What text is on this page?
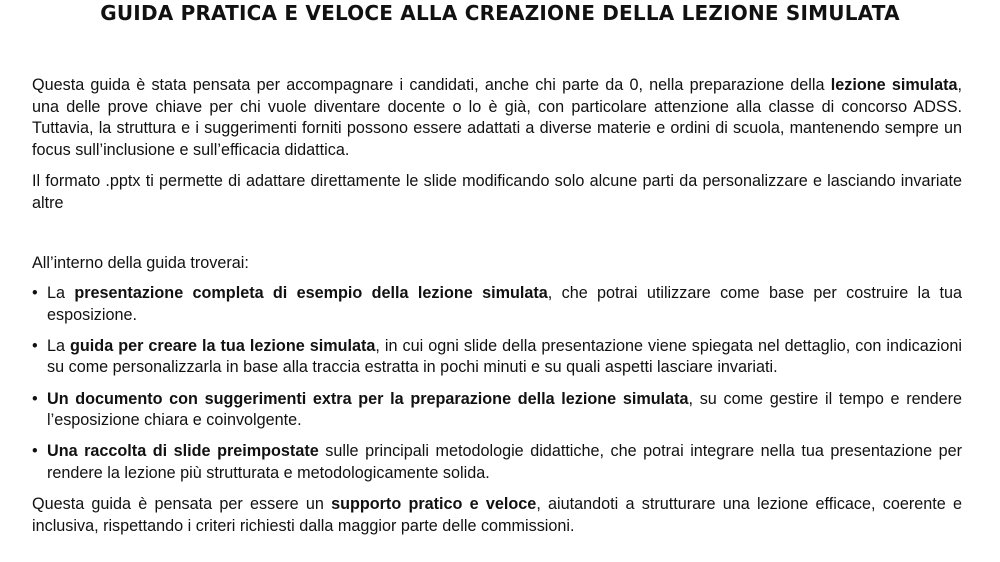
GUIDA PRATICA E VELOCE ALLA CREAZIONE DELLA LEZIONE SIMULATA

Questa guida è stata pensata per accompagnare i candidati, anche chi parte da 0, nella preparazione della lezione simulata, una delle prove chiave per chi vuole diventare docente o lo è già, con particolare attenzione alla classe di concorso ADSS. Tuttavia, la struttura e i suggerimenti forniti possono essere adattati a diverse materie e ordini di scuola, mantenendo sempre un focus sull’inclusione e sull’efficacia didattica.

Il formato .pptx ti permette di adattare direttamente le slide modificando solo alcune parti da personalizzare e lasciando invariate altre

All’interno della guida troverai:

• La presentazione completa di esempio della lezione simulata, che potrai utilizzare come base per costruire la tua esposizione.
• La guida per creare la tua lezione simulata, in cui ogni slide della presentazione viene spiegata nel dettaglio, con indicazioni su come personalizzarla in base alla traccia estratta in pochi minuti e su quali aspetti lasciare invariati.
• Un documento con suggerimenti extra per la preparazione della lezione simulata, su come gestire il tempo e rendere l’esposizione chiara e coinvolgente.
• Una raccolta di slide preimpostate sulle principali metodologie didattiche, che potrai integrare nella tua presentazione per rendere la lezione più strutturata e metodologicamente solida.

Questa guida è pensata per essere un supporto pratico e veloce, aiutandoti a strutturare una lezione efficace, coerente e inclusiva, rispettando i criteri richiesti dalla maggior parte delle commissioni.
